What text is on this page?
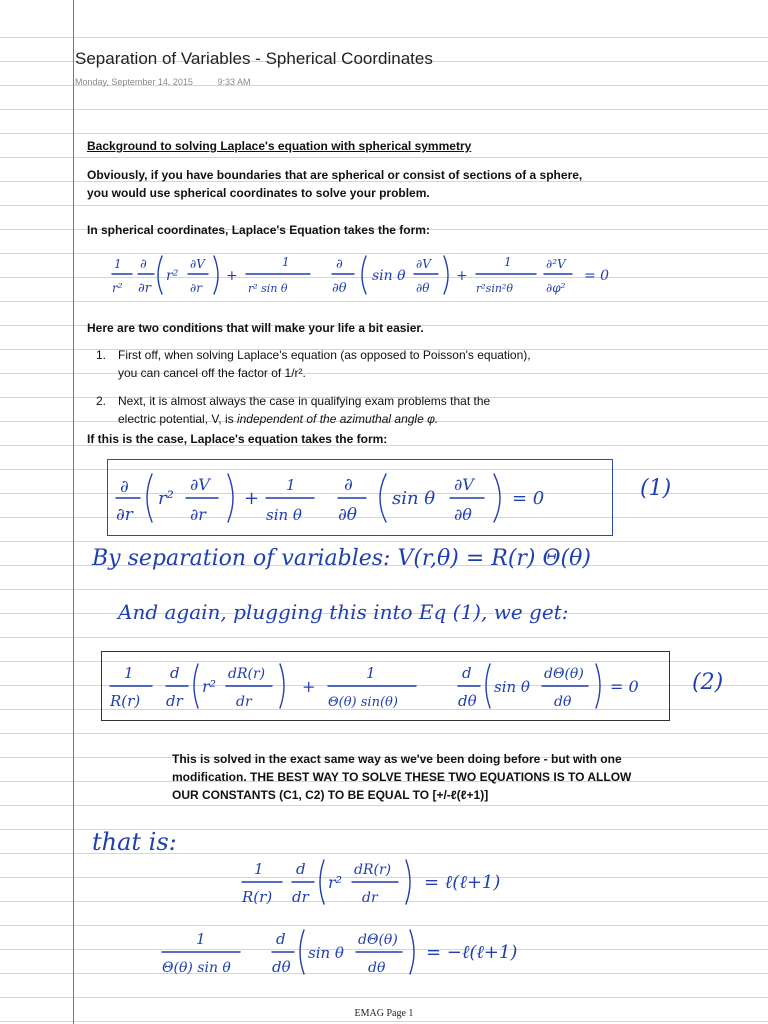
Separation of Variables - Spherical Coordinates
Monday, September 14, 2015	9:33 AM
Background to solving Laplace's equation with spherical symmetry
Obviously, if you have boundaries that are spherical or consist of sections of a sphere,
you would use spherical coordinates to solve your problem.
In spherical coordinates, Laplace's Equation takes the form:
1
r²
∂
∂r
r²
∂V
∂r
+
1
r² sin θ
∂
∂θ
sin θ
∂V
∂θ
+
1
r²sin²θ
∂²V
∂φ²
= 0
Here are two conditions that will make your life a bit easier.
1. First off, when solving Laplace's equation (as opposed to Poisson's equation),
you can cancel off the factor of 1/r².
2. Next, it is almost always the case in qualifying exam problems that the
electric potential, V, is independent of the azimuthal angle φ.
If this is the case, Laplace's equation takes the form:
∂
∂r
r²
∂V
∂r
+
1
sin θ
∂
∂θ
sin θ
∂V
∂θ
= 0	(1)
By separation of variables: V(r,θ) = R(r) Θ(θ)
And again, plugging this into Eq (1), we get:
1
R(r)
d
dr
r²
dR(r)
dr
+
1
Θ(θ) sin(θ)
d
dθ
sin θ
dΘ(θ)
dθ
= 0 (2)
This is solved in the exact same way as we've been doing before - but with one
modification. THE BEST WAY TO SOLVE THESE TWO EQUATIONS IS TO ALLOW
OUR CONSTANTS (C1, C2) TO BE EQUAL TO [+/-ℓ(ℓ+1)]
that is:
1
R(r)
d
dr
r²
dR(r)
dr
= ℓ(ℓ+1)
1
Θ(θ) sin θ
d
dθ
sin θ
dΘ(θ)
dθ
= −ℓ(ℓ+1)
EMAG Page 1
